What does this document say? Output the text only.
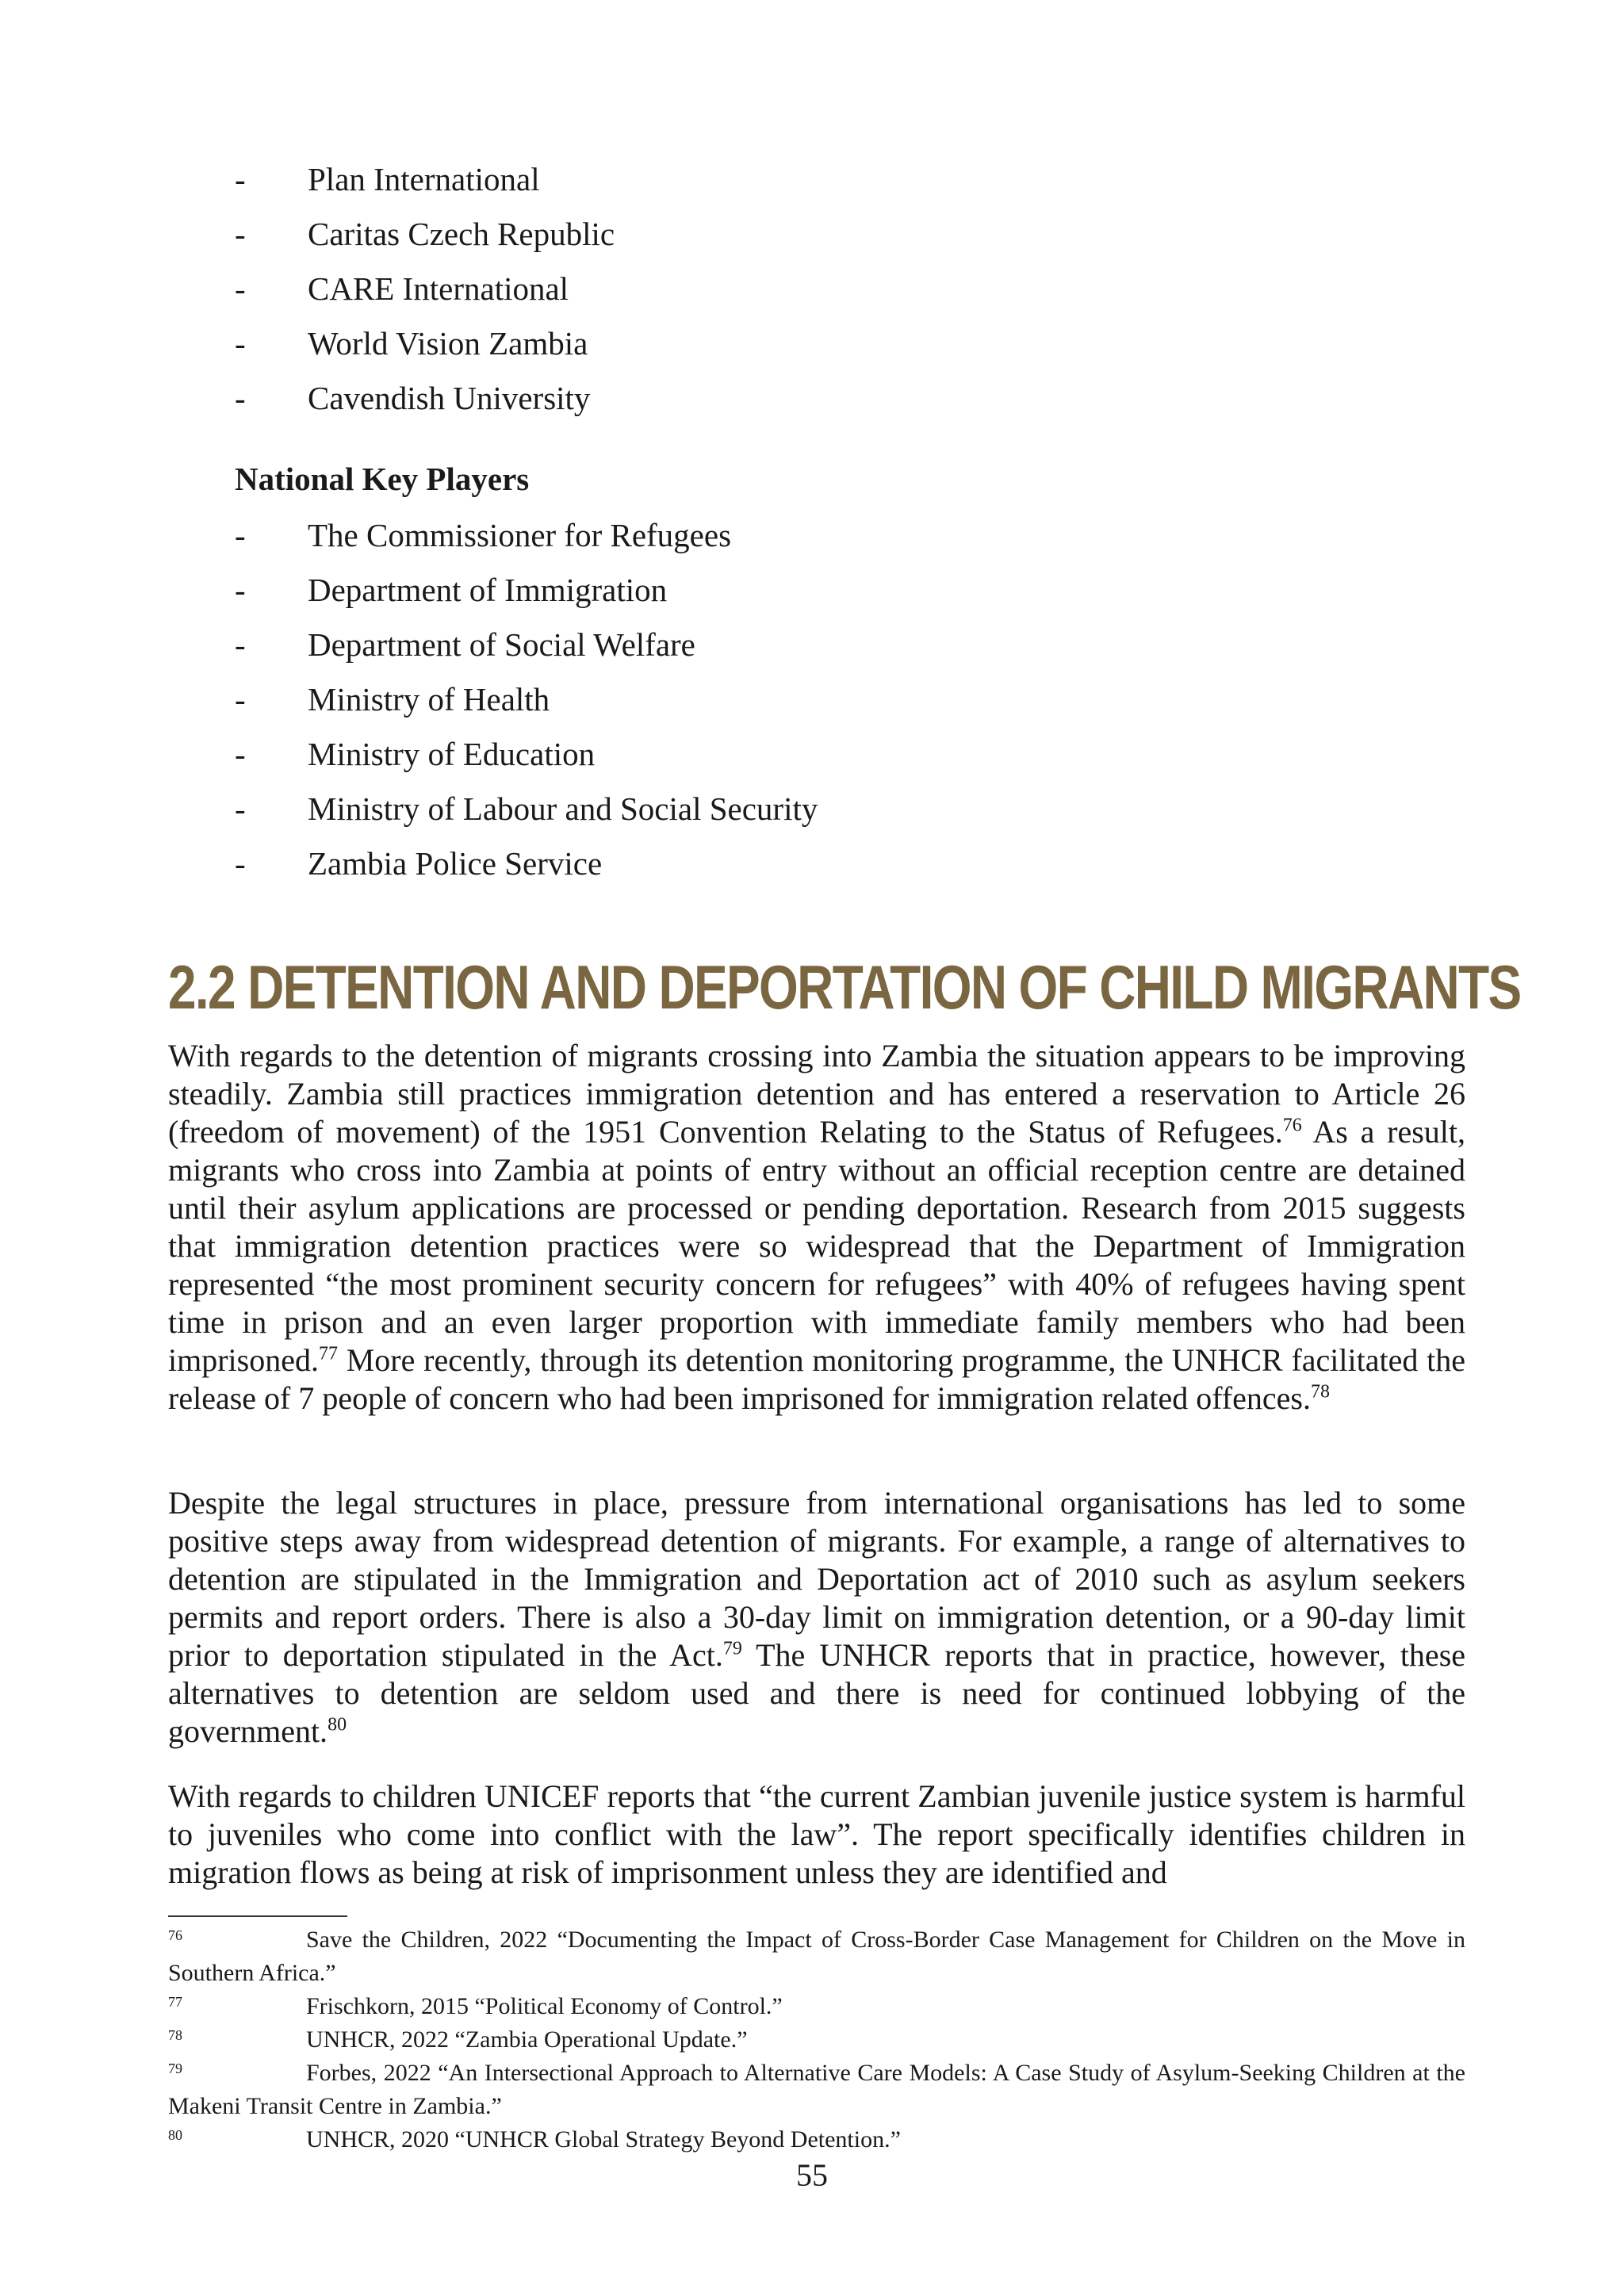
-	Plan International
-	Caritas Czech Republic
-	CARE International
-	World Vision Zambia
-	Cavendish University
National Key Players
-	The Commissioner for Refugees
-	Department of Immigration
-	Department of Social Welfare
-	Ministry of Health
-	Ministry of Education
-	Ministry of Labour and Social Security
-	Zambia Police Service
2.2 DETENTION AND DEPORTATION OF CHILD MIGRANTS

With regards to the detention of migrants crossing into Zambia the situation appears to be improving steadily. Zambia still practices immigration detention and has entered a reservation to Article 26 (freedom of movement) of the 1951 Convention Relating to the Status of Refugees.$^{76}$ As a result, migrants who cross into Zambia at points of entry without an official reception centre are detained until their asylum applications are processed or pending deportation. Research from 2015 suggests that immigration detention practices were so widespread that the Department of Immigration represented “the most prominent security concern for refugees” with 40% of refugees having spent time in prison and an even larger proportion with immediate family members who had been imprisoned.$^{77}$ More recently, through its detention monitoring programme, the UNHCR facilitated the release of 7 people of concern who had been imprisoned for immigration related offences.$^{78}$

Despite the legal structures in place, pressure from international organisations has led to some positive steps away from widespread detention of migrants. For example, a range of alternatives to detention are stipulated in the Immigration and Deportation act of 2010 such as asylum seekers permits and report orders. There is also a 30-day limit on immigration detention, or a 90-day limit prior to deportation stipulated in the Act.$^{79}$ The UNHCR reports that in practice, however, these alternatives to detention are seldom used and there is need for continued lobbying of the government.$^{80}$

With regards to children UNICEF reports that “the current Zambian juvenile justice system is harmful to juveniles who come into conflict with the law”. The report specifically identifies children in migration flows as being at risk of imprisonment unless they are identified and

76	Save the Children, 2022 “Documenting the Impact of Cross-Border Case Management for Children on the Move in Southern Africa.”
77	Frischkorn, 2015 “Political Economy of Control.”
78	UNHCR, 2022 “Zambia Operational Update.”
79	Forbes, 2022 “An Intersectional Approach to Alternative Care Models: A Case Study of Asylum-Seeking Children at the Makeni Transit Centre in Zambia.”
80	UNHCR, 2020 “UNHCR Global Strategy Beyond Detention.”

55
